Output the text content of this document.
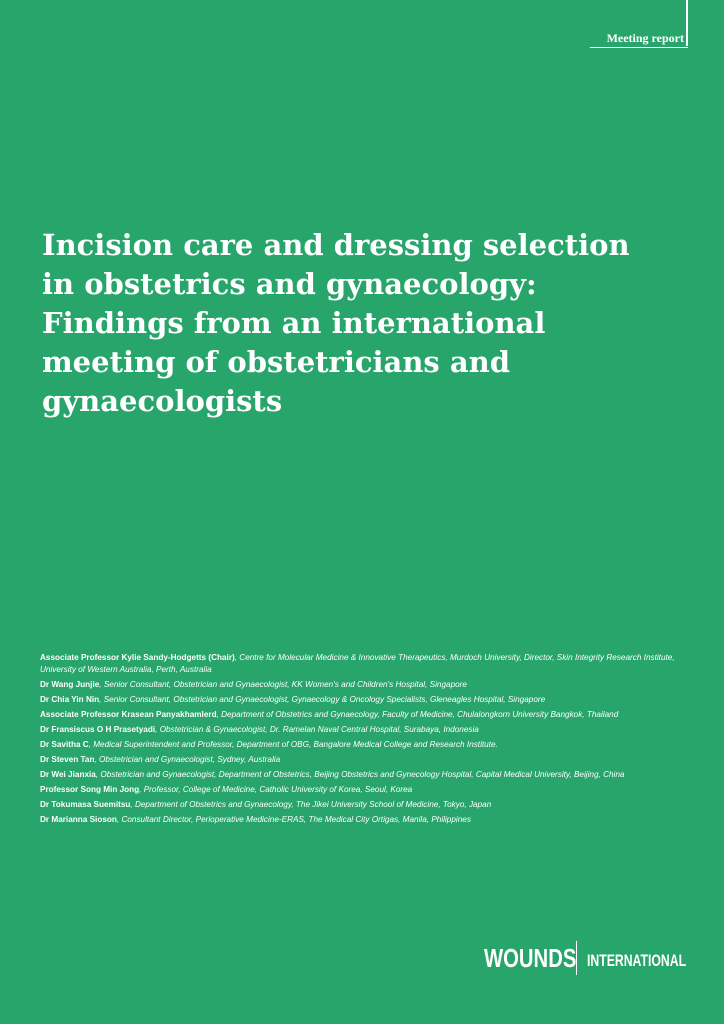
Meeting report
Incision care and dressing selection in obstetrics and gynaecology: Findings from an international meeting of obstetricians and gynaecologists

Associate Professor Kylie Sandy-Hodgetts (Chair), Centre for Molecular Medicine & Innovative Therapeutics, Murdoch University, Director, Skin Integrity Research Institute, University of Western Australia, Perth, Australia

Dr Wang Junjie, Senior Consultant, Obstetrician and Gynaecologist, KK Women's and Children's Hospital, Singapore

Dr Chia Yin Nin, Senior Consultant, Obstetrician and Gynaecologist, Gynaecology & Oncology Specialists, Gleneagles Hospital, Singapore

Associate Professor Krasean Panyakhamlerd, Department of Obstetrics and Gynaecology, Faculty of Medicine, Chulalongkorn University Bangkok, Thailand

Dr Fransiscus O H Prasetyadi, Obstetrician & Gynaecologist, Dr. Ramelan Naval Central Hospital, Surabaya, Indonesia

Dr Savitha C, Medical Superintendent and Professor, Department of OBG, Bangalore Medical College and Research Institute.

Dr Steven Tan, Obstetrician and Gynaecologist, Sydney, Australia

Dr Wei Jianxia, Obstetrician and Gynaecologist, Department of Obstetrics, Beijing Obstetrics and Gynecology Hospital, Capital Medical University, Beijing, China

Professor Song Min Jong, Professor, College of Medicine, Catholic University of Korea, Seoul, Korea

Dr Tokumasa Suemitsu, Department of Obstetrics and Gynaecology, The Jikei University School of Medicine, Tokyo, Japan

Dr Marianna Sioson, Consultant Director, Perioperative Medicine-ERAS, The Medical City Ortigas, Manila, Philippines

WOUNDS INTERNATIONAL
